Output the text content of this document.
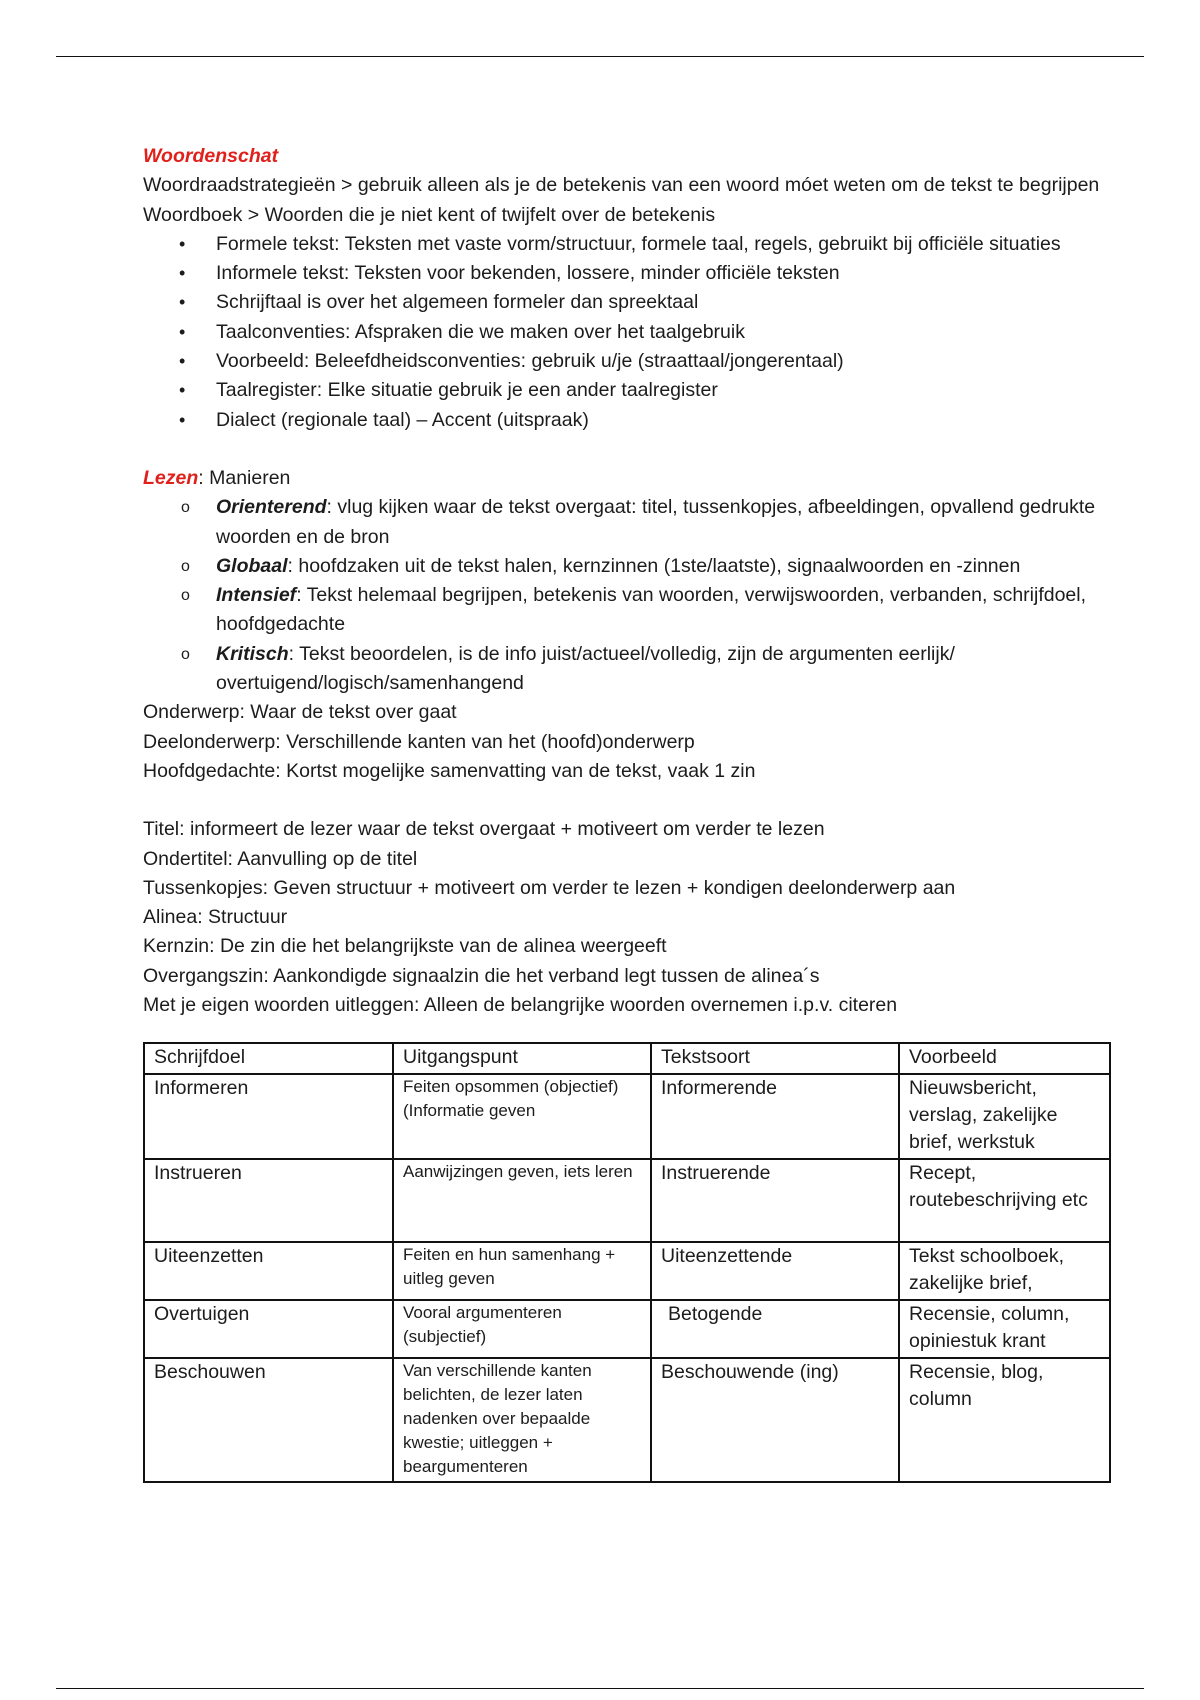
Woordenschat

Woordraadstrategieën > gebruik alleen als je de betekenis van een woord móet weten om de tekst te begrijpen

Woordboek > Woorden die je niet kent of twijfelt over de betekenis

• Formele tekst: Teksten met vaste vorm/structuur, formele taal, regels, gebruikt bij officiële situaties
• Informele tekst: Teksten voor bekenden, lossere, minder officiële teksten
• Schrijftaal is over het algemeen formeler dan spreektaal
• Taalconventies: Afspraken die we maken over het taalgebruik
• Voorbeeld: Beleefdheidsconventies: gebruik u/je (straattaal/jongerentaal)
• Taalregister: Elke situatie gebruik je een ander taalregister
• Dialect (regionale taal) – Accent (uitspraak)

Lezen: Manieren

o Orienterend: vlug kijken waar de tekst overgaat: titel, tussenkopjes, afbeeldingen, opvallend gedrukte woorden en de bron
o Globaal: hoofdzaken uit de tekst halen, kernzinnen (1ste/laatste), signaalwoorden en -zinnen
o Intensief: Tekst helemaal begrijpen, betekenis van woorden, verwijswoorden, verbanden, schrijfdoel, hoofdgedachte
o Kritisch: Tekst beoordelen, is de info juist/actueel/volledig, zijn de argumenten eerlijk/ overtuigend/logisch/samenhangend

Onderwerp: Waar de tekst over gaat

Deelonderwerp: Verschillende kanten van het (hoofd)onderwerp

Hoofdgedachte: Kortst mogelijke samenvatting van de tekst, vaak 1 zin

Titel: informeert de lezer waar de tekst overgaat + motiveert om verder te lezen

Ondertitel: Aanvulling op de titel

Tussenkopjes: Geven structuur + motiveert om verder te lezen + kondigen deelonderwerp aan

Alinea: Structuur

Kernzin: De zin die het belangrijkste van de alinea weergeeft

Overgangszin: Aankondigde signaalzin die het verband legt tussen de alinea´s

Met je eigen woorden uitleggen: Alleen de belangrijke woorden overnemen i.p.v. citeren

Schrijfdoel	Uitgangspunt	Tekstsoort	Voorbeeld
Informeren	Feiten opsommen (objectief) (Informatie geven	Informerende	Nieuwsbericht, verslag, zakelijke brief, werkstuk
Instrueren	Aanwijzingen geven, iets leren	Instruerende	Recept, routebeschrijving etc
Uiteenzetten	Feiten en hun samenhang + uitleg geven	Uiteenzettende	Tekst schoolboek, zakelijke brief,
Overtuigen	Vooral argumenteren (subjectief)	Betogende	Recensie, column, opiniestuk krant
Beschouwen	Van verschillende kanten belichten, de lezer laten nadenken over bepaalde kwestie; uitleggen + beargumenteren	Beschouwende (ing)	Recensie, blog, column
